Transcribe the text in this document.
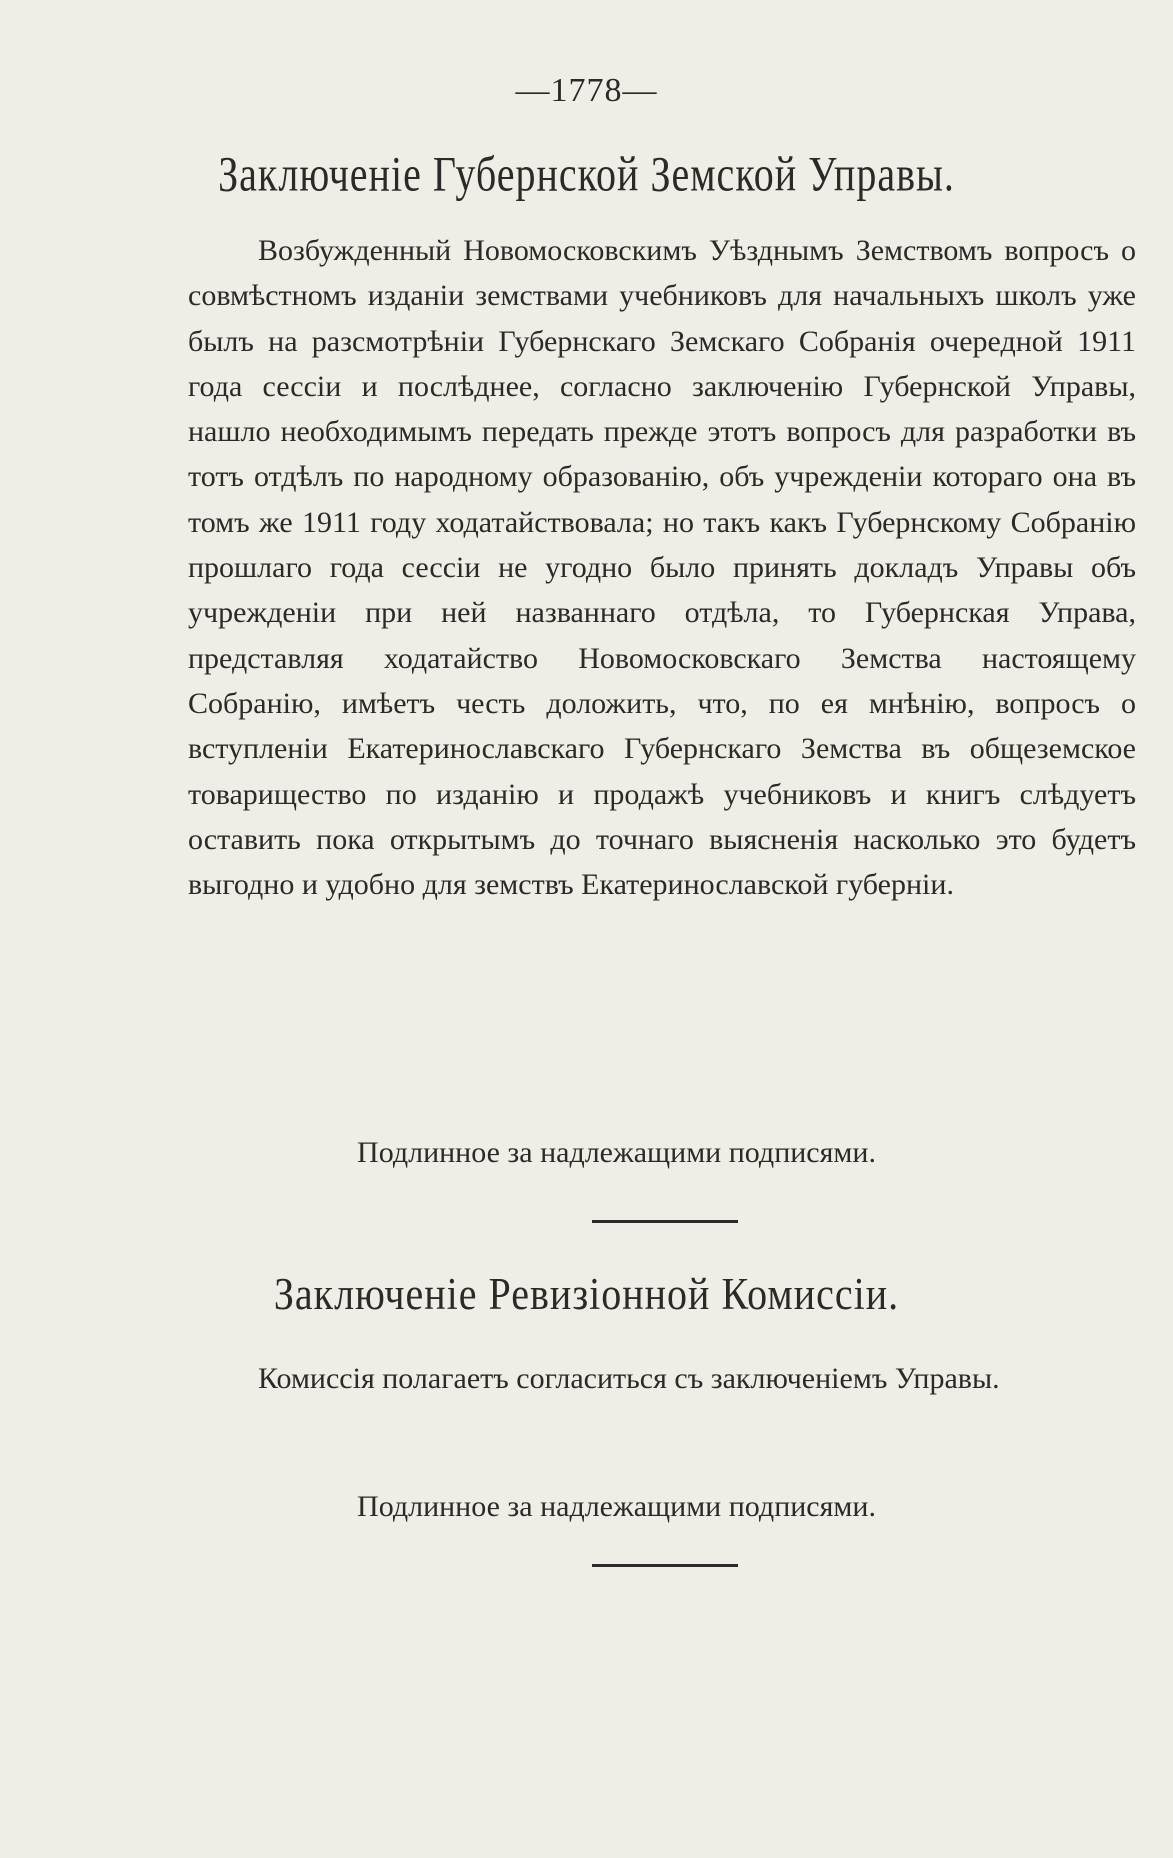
—1778—
Заключеніе Губернской Земской Управы.
Возбужденный Новомосковскимъ Уѣзднымъ Земствомъ вопросъ о совмѣстномъ изданіи земствами учебниковъ для начальныхъ школъ уже былъ на разсмотрѣніи Губернскаго Земскаго Собранія очередной 1911 года сессіи и послѣднее, согласно заключенію Губернской Управы, нашло необходимымъ передать прежде этотъ вопросъ для разработки въ тотъ отдѣлъ по народному образованію, объ учрежденіи котораго она въ томъ же 1911 году ходатайствовала; но такъ какъ Губернскому Собранію прошлаго года сессіи не угодно было принять докладъ Управы объ учрежденіи при ней названнаго отдѣла, то Губернская Управа, представляя ходатайство Новомосковскаго Земства настоящему Собранію, имѣетъ честь доложить, что, по ея мнѣнію, вопросъ о вступленіи Екатеринославскаго Губернскаго Земства въ общеземское товарищество по изданію и продажѣ учебниковъ и книгъ слѣдуетъ оставить пока открытымъ до точнаго выясненія насколько это будетъ выгодно и удобно для земствъ Екатеринославской губерніи.
Подлинное за надлежащими подписями.
Заключеніе Ревизіонной Комиссіи.
Комиссія полагаетъ согласиться съ заключеніемъ Управы.
Подлинное за надлежащими подписями.
